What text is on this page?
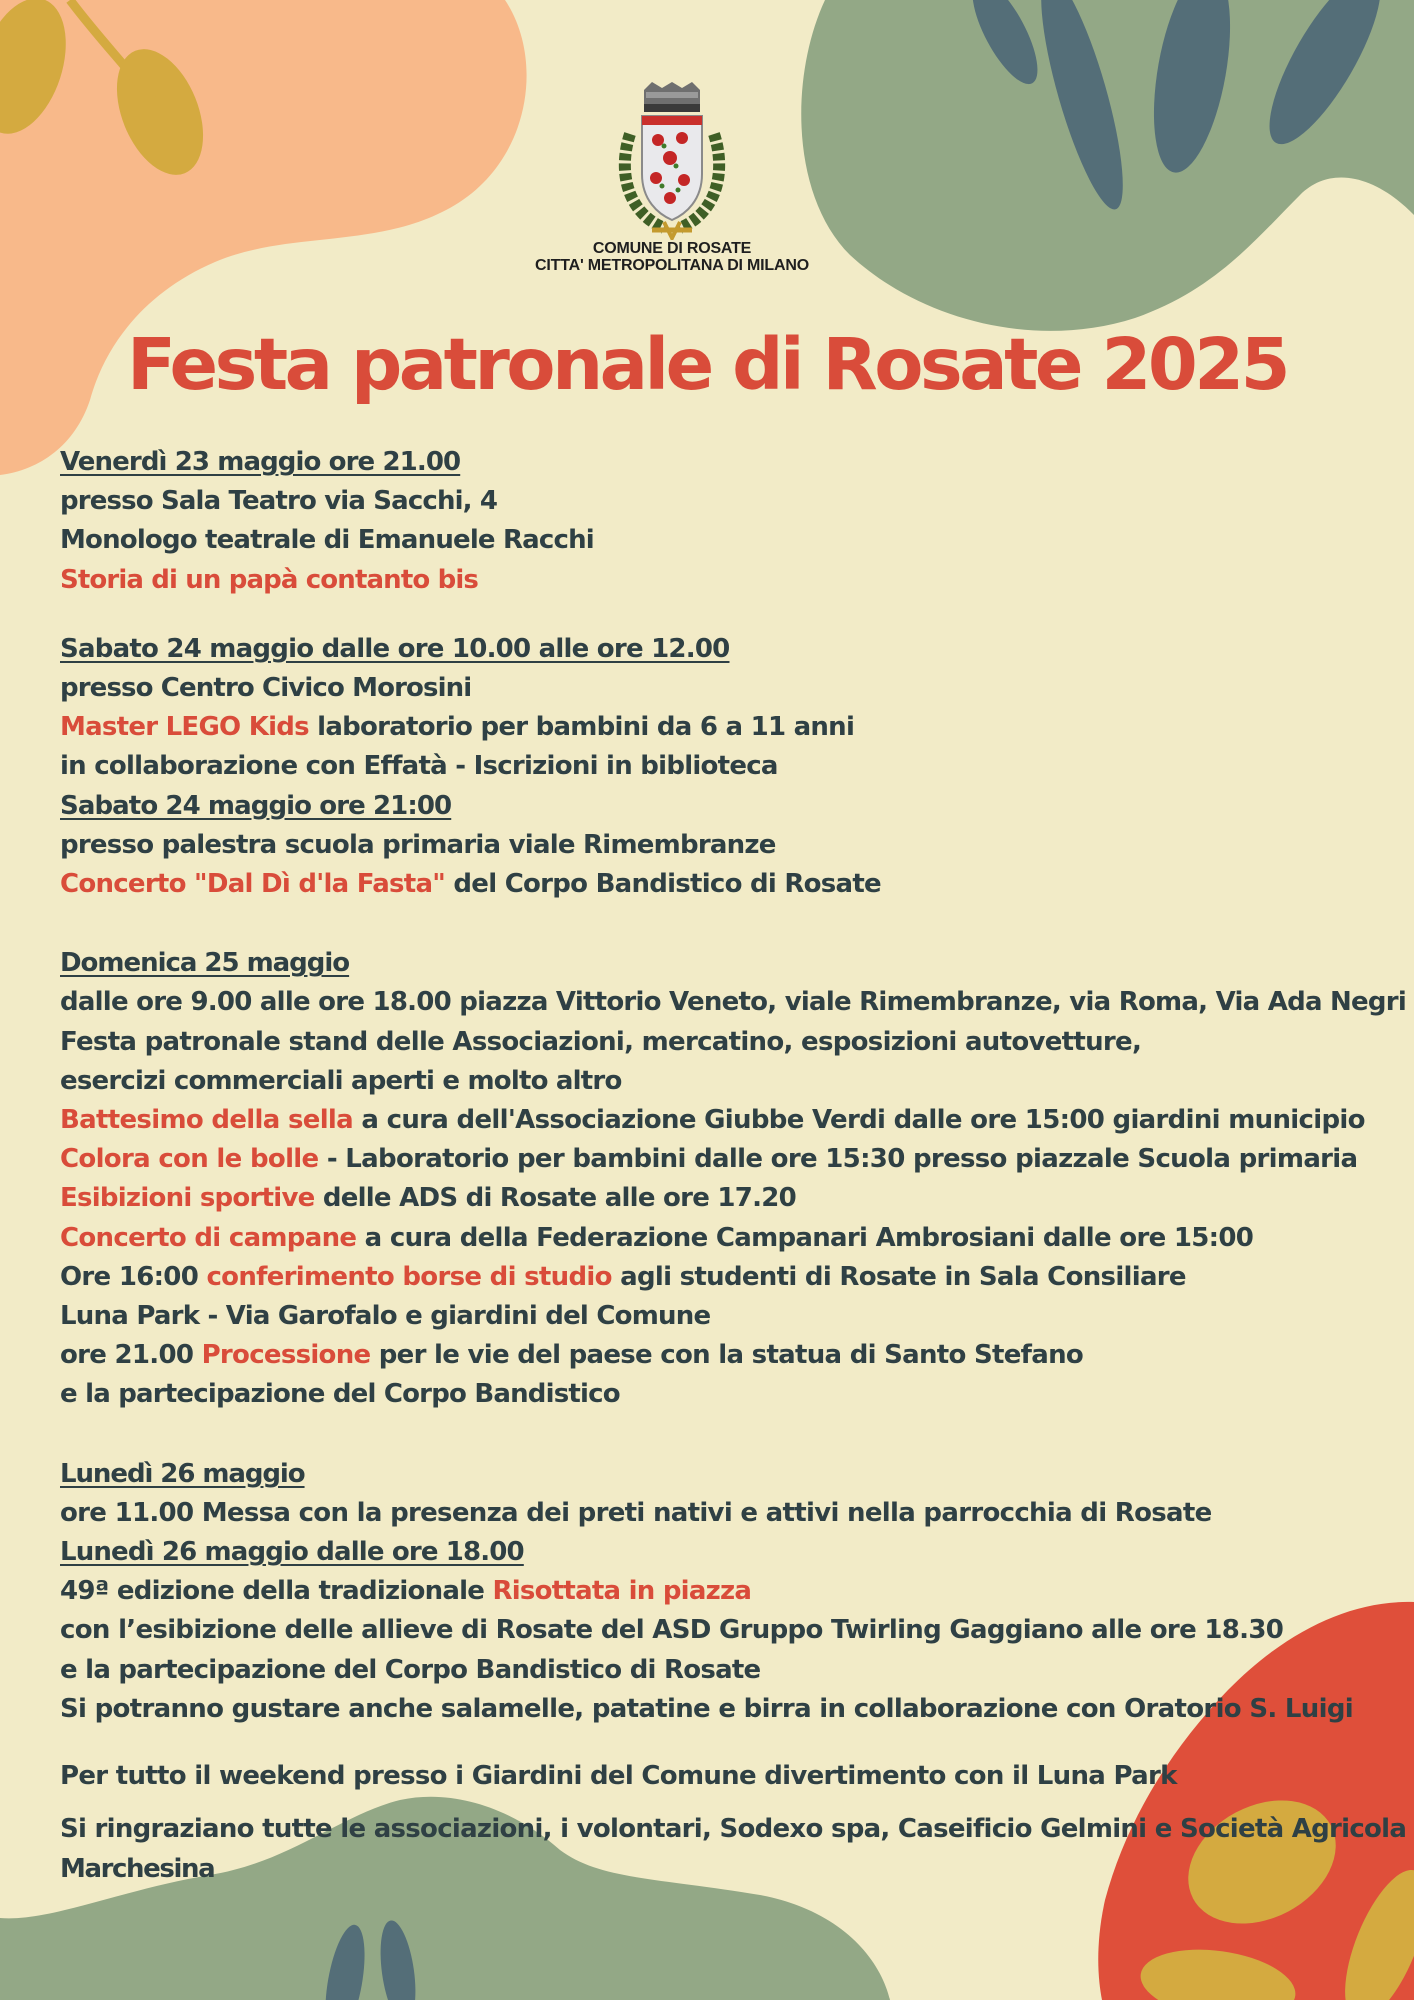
COMUNE DI ROSATE
CITTA' METROPOLITANA DI MILANO
Festa patronale di Rosate 2025
Venerdì 23 maggio ore 21.00
presso Sala Teatro via Sacchi, 4
Monologo teatrale di Emanuele Racchi
Storia di un papà contanto bis
Sabato 24 maggio dalle ore 10.00 alle ore 12.00
presso Centro Civico Morosini
Master LEGO Kids laboratorio per bambini da 6 a 11 anni
in collaborazione con Effatà - Iscrizioni in biblioteca
Sabato 24 maggio ore 21:00
presso palestra scuola primaria viale Rimembranze
Concerto "Dal Dì d'la Fasta" del Corpo Bandistico di Rosate
Domenica 25 maggio
dalle ore 9.00 alle ore 18.00 piazza Vittorio Veneto, viale Rimembranze, via Roma, Via Ada Negri
Festa patronale stand delle Associazioni, mercatino, esposizioni autovetture,
esercizi commerciali aperti e molto altro
Battesimo della sella a cura dell'Associazione Giubbe Verdi dalle ore 15:00 giardini municipio
Colora con le bolle - Laboratorio per bambini dalle ore 15:30 presso piazzale Scuola primaria
Esibizioni sportive delle ADS di Rosate alle ore 17.20
Concerto di campane a cura della Federazione Campanari Ambrosiani dalle ore 15:00
Ore 16:00 conferimento borse di studio agli studenti di Rosate in Sala Consiliare
Luna Park - Via Garofalo e giardini del Comune
ore 21.00 Processione per le vie del paese con la statua di Santo Stefano
e la partecipazione del Corpo Bandistico
Lunedì 26 maggio
ore 11.00 Messa con la presenza dei preti nativi e attivi nella parrocchia di Rosate
Lunedì 26 maggio dalle ore 18.00
49ª edizione della tradizionale Risottata in piazza
con l’esibizione delle allieve di Rosate del ASD Gruppo Twirling Gaggiano alle ore 18.30
e la partecipazione del Corpo Bandistico di Rosate
Si potranno gustare anche salamelle, patatine e birra in collaborazione con Oratorio S. Luigi
Per tutto il weekend presso i Giardini del Comune divertimento con il Luna Park
Si ringraziano tutte le associazioni, i volontari, Sodexo spa, Caseificio Gelmini e Società Agricola
Marchesina
